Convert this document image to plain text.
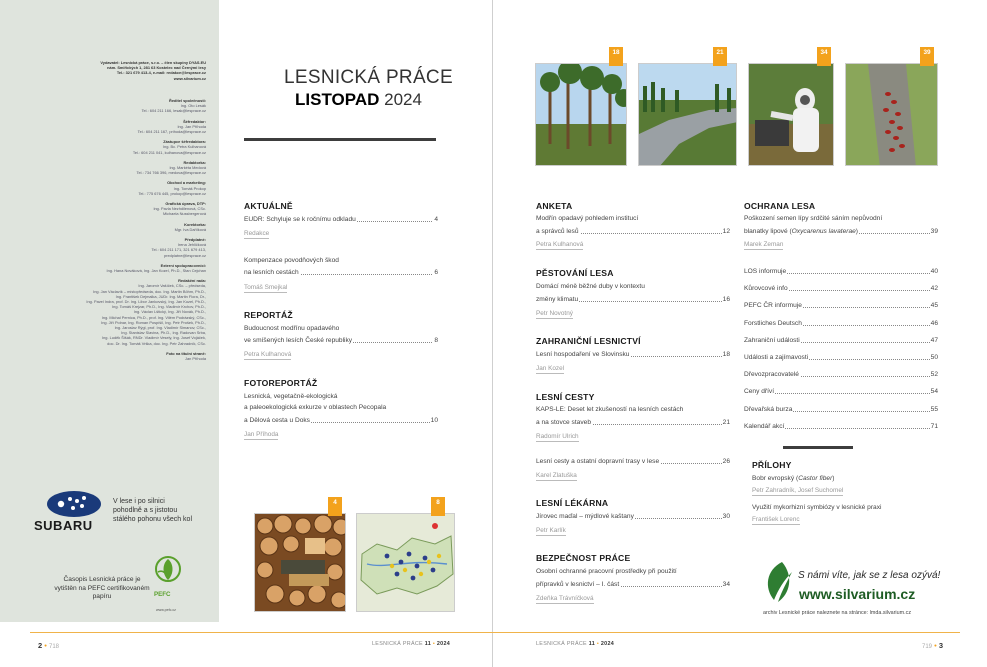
Vydavatel: Lesnická práce, s.r.o. – člen skupiny DYAS.EU
nám. Smiřických 1, 281 63 Kostelec nad Černými lesy
Tel.: 321 679 413-4, e-mail: redakce@lesprace.cz
www.silvarium.cz
Ředitel společnosti:
Ing. Oto Lesák
Tel.: 604 211 166, lesak@lesprace.cz
Šéfredaktor:
Ing. Jan Příhoda
Tel.: 604 211 167, prihoda@lesprace.cz
Zástupce šéfredaktora:
Ing. Bc. Petra Kulhanová
Tel.: 604 211 041, kulhanova@lesprace.cz
Redaktorka:
Ing. Markéta Medová
Tel.: 734 766 396, medova@lesprace.cz
Obchod a marketing:
Ing. Tomáš Prokop
Tel.: 775 676 445, prokop@lesprace.cz
Grafická úprava, DTP:
Ing. Pavla Nezhdilenová, CSc.
Michaela Nussbergerová
Korektorka:
Mgr. Iva Dařílková
Předplatné:
Irena Jehličková
Tel.: 604 211 171, 321 679 413,
predplatne@lesprace.cz
Externí spolupracovníci:
Ing. Hana Nováková, Ing. Jan Kozel, Ph.D., Stan Cejchan
Redakční rada:
Ing. Jaromír Vašíček, CSc. – předseda,
Ing. Jan Václavík – místopředseda, doc. Ing. Martin Böhm, Ph.D.,
Ing. František Dejmalka, JUDr. Ing. Martin Flora, Dr.,
Ing. Pavel Indra, prof. Dr. Ing. Libor Jankovský, Ing. Jan Kozel, Ph.D.,
Ing. Tomáš Krejzar, Ph.D., Ing. Vladimír Krchov, Ph.D.,
Ing. Václav Lštický, Ing. Jiří Novák, Ph.D.,
Ing. Michal Pernica, Ph.D., prof. Ing. Vilém Podrázský, CSc.,
Ing. Jiří Polnar, Ing. Roman Pospíšil, Ing. Petr Prošek, Ph.D.,
Ing. Jaroslav Rýgl, prof. Ing. Vladimír Simanov, CSc.,
Ing. Stanislav Slavina, Ph.D., Ing. Radovan Srba,
Ing. Luděk Šišák, RNDr. Vladimír Vesely, Ing. Josef Vojáček,
doc. Dr. Ing. Tomáš Vrška, doc. Ing. Petr Zahradník, CSc.
Foto na titulní straně:
Jan Příhoda
SUBARU
V lese i po silnici
pohodlně a s jistotou
stálého pohonu všech kol
Časopis Lesnická práce je
vytištěn na PEFC certifikovaném
papíru	PEFC
www.pefc.cz
LESNICKÁ PRÁCE
LISTOPAD 2024
AKTUÁLNĚ
EUDR: Schyluje se k ročnímu odkladu	4
Redakce
Kompenzace povodňových škod
na lesních cestách	6
Tomáš Smejkal
REPORTÁŽ
Budoucnost modřínu opadavého
ve smíšených lesích České republiky	8
Petra Kulhanová
FOTOREPORTÁŽ
Lesnická, vegetačně-ekologická
a paleoekologická exkurze v oblastech Pecopala
a Dělová cesta u Doks	10
Jan Příhoda
4	8
18	21	34	39
ANKETA
Modřín opadavý pohledem institucí
a správců lesů	12
Petra Kulhanová
PĚSTOVÁNÍ LESA
Domácí méně běžné duby v kontextu
změny klimatu	16
Petr Novotný
ZAHRANIČNÍ LESNICTVÍ
Lesní hospodaření ve Slovinsku	18
Jan Kozel
LESNÍ CESTY
KAPS-LE: Deset let zkušeností na lesních cestách
a na stovce staveb	21
Radomír Ulrich
Lesní cesty a ostatní dopravní trasy v lese	26
Karel Zlatuška
LESNÍ LÉKÁRNA
Jírovec maďal – mýdlové kaštany	30
Petr Karlík
BEZPEČNOST PRÁCE
Osobní ochranné pracovní prostředky při použití
přípravků v lesnictví – I. část	34
Zdeňka Trávníčková
OCHRANA LESA
Poškození semen lípy srdčité sáním nepůvodní
blanatky lipové (Oxycarenus lavaterae)	39
Marek Zeman
LOS informuje	40
Kůrovcové info	42
PEFC ČR informuje	45
Forstliches Deutsch	46
Zahraniční události	47
Události a zajímavosti	50
Dřevozpracovatelé	52
Ceny dříví	54
Dřevařská burza	55
Kalendář akcí	71
PŘÍLOHY
Bobr evropský (Castor fiber)
Petr Zahradník, Josef Suchomel
Využití mykorhizní symbiózy v lesnické praxi
František Lorenc
S námi víte, jak se z lesa ozývá!
www.silvarium.cz
archiv Lesnické práce naleznete na stránce: lmda.silvarium.cz
2 • 718	LESNICKÁ PRÁCE 11 • 2024	LESNICKÁ PRÁCE 11 • 2024	719 • 3
